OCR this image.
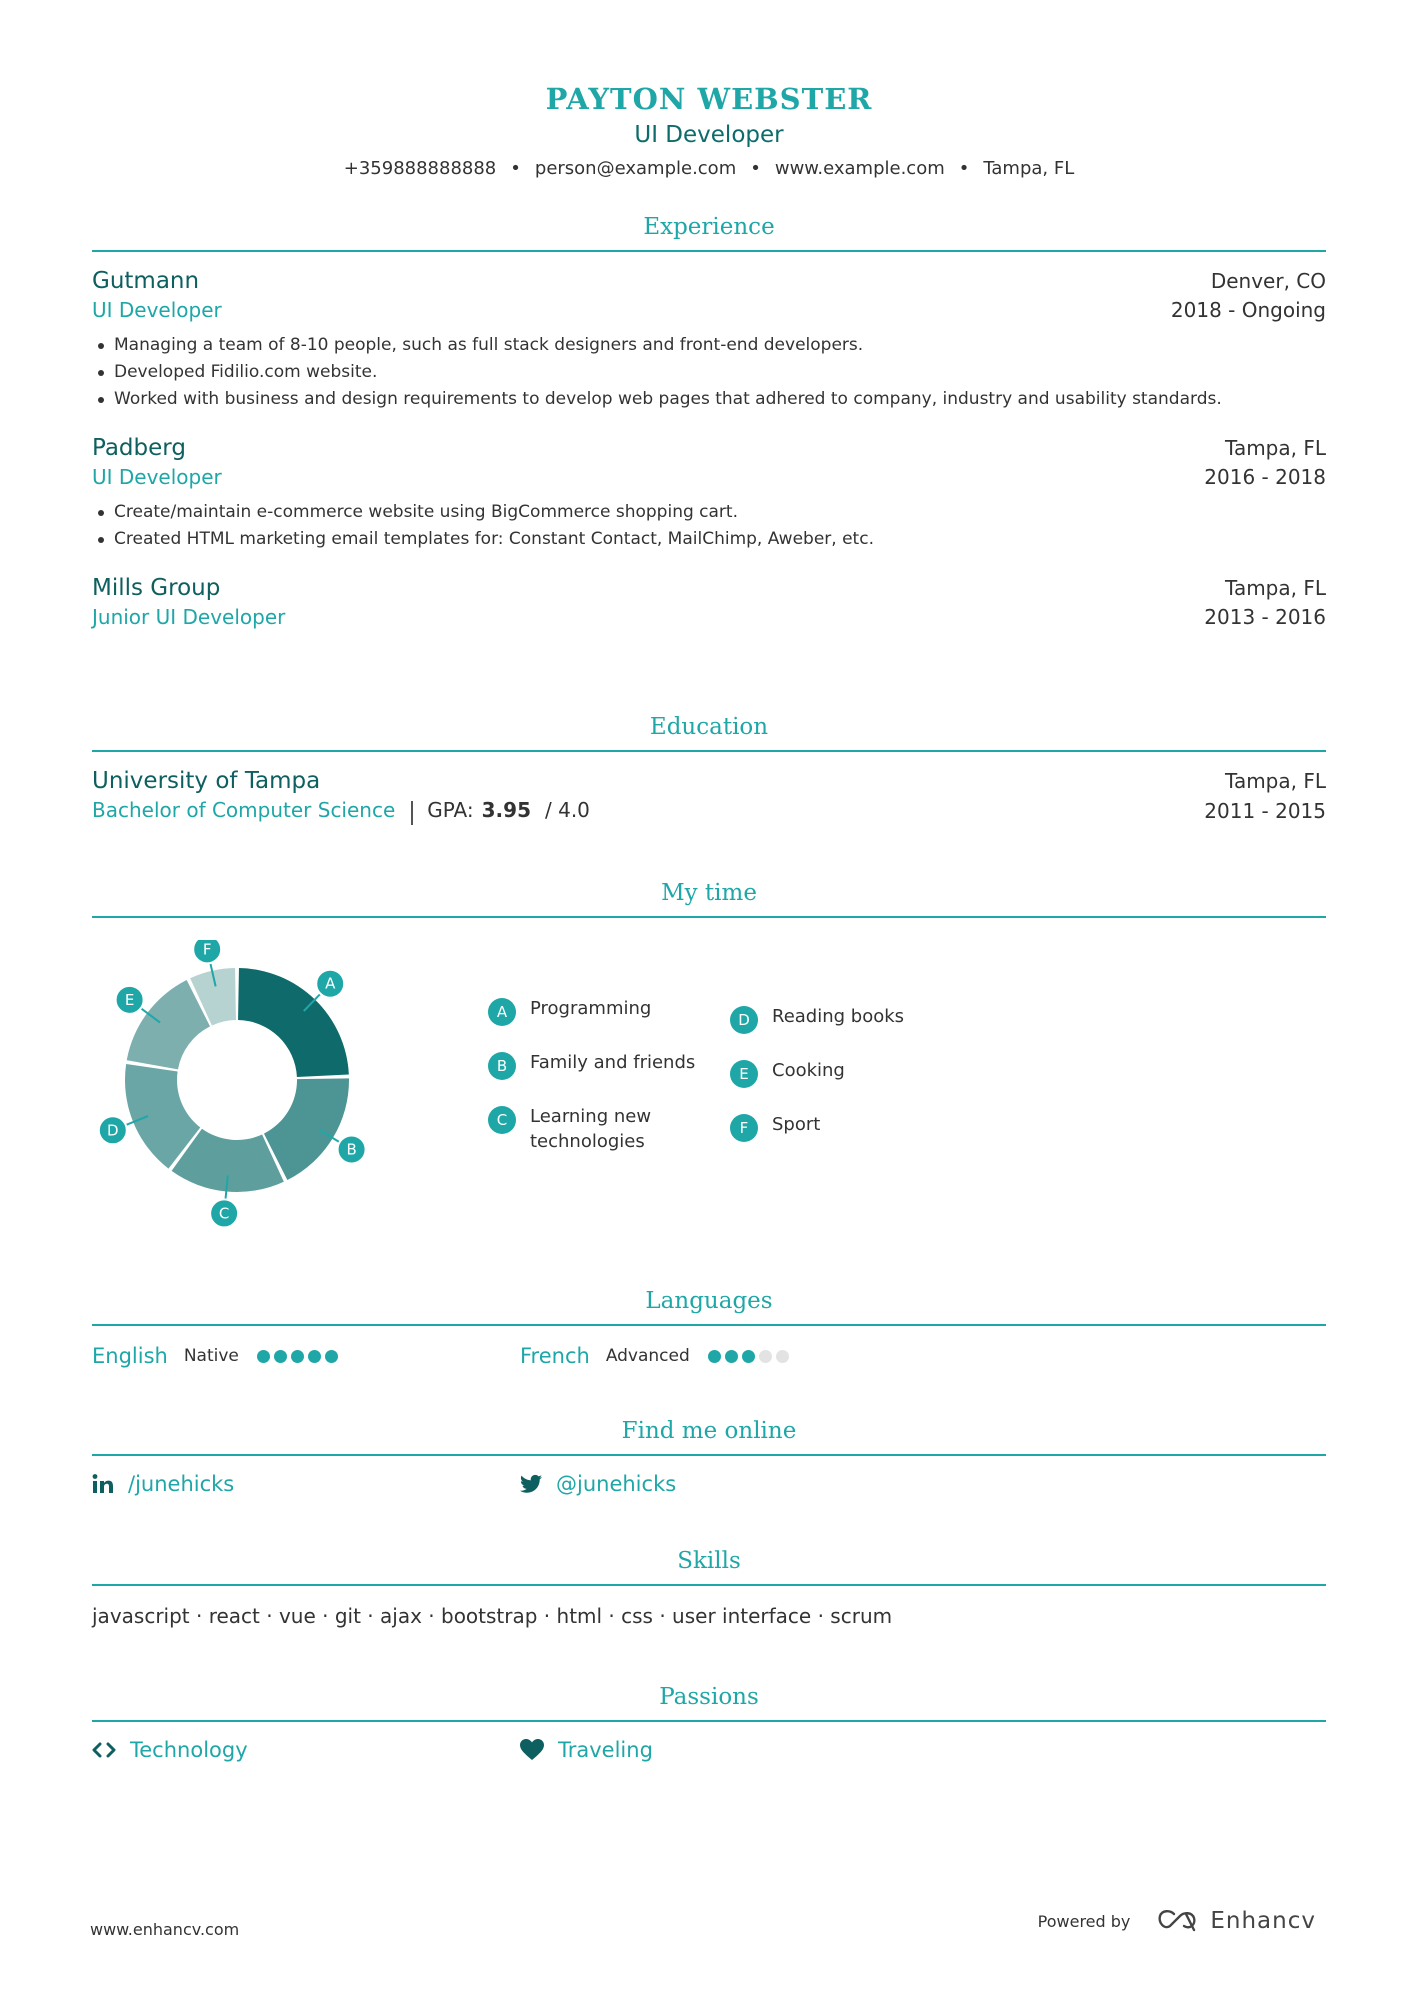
PAYTON WEBSTER
UI Developer
+359888888888 • person@example.com • www.example.com • Tampa, FL
Experience
Gutmann	Denver, CO
UI Developer	2018 - Ongoing
Managing a team of 8-10 people, such as full stack designers and front-end developers.
Developed Fidilio.com website.
Worked with business and design requirements to develop web pages that adhered to company, industry and usability standards.
Padberg	Tampa, FL
UI Developer	2016 - 2018
Create/maintain e-commerce website using BigCommerce shopping cart.
Created HTML marketing email templates for: Constant Contact, MailChimp, Aweber, etc.
Mills Group	Tampa, FL
Junior UI Developer	2013 - 2016
Education
University of Tampa	Tampa, FL
Bachelor of Computer Science GPA: 3.95 / 4.0	2011 - 2015
My time
A
B
C
D
E
F
A	Programming
B	Family and friends
C	Learning new technologies
D	Reading books
E	Cooking
F	Sport
Languages
English Native	French Advanced
Find me online
/junehicks	@junehicks
Skills
javascript · react · vue · git · ajax · bootstrap · html · css · user interface · scrum
Passions
Technology	Traveling
www.enhancv.com	Powered by	Enhancv
